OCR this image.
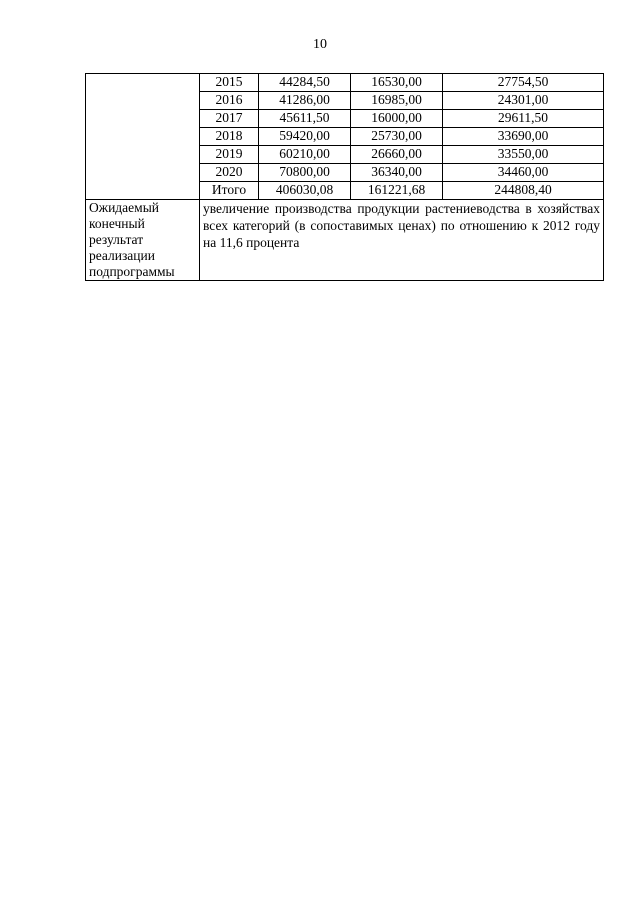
10
	2015	44284,50	16530,00	27754,50
	2016	41286,00	16985,00	24301,00
	2017	45611,50	16000,00	29611,50
	2018	59420,00	25730,00	33690,00
	2019	60210,00	26660,00	33550,00
	2020	70800,00	36340,00	34460,00
	Итого	406030,08	161221,68	244808,40

Ожидаемый
конечный
результат
реализации
подпрограммы	увеличение производства продукции растениеводства в хозяйствах всех категорий (в сопоставимых ценах) по отношению к 2012 году на 11,6 процента			
